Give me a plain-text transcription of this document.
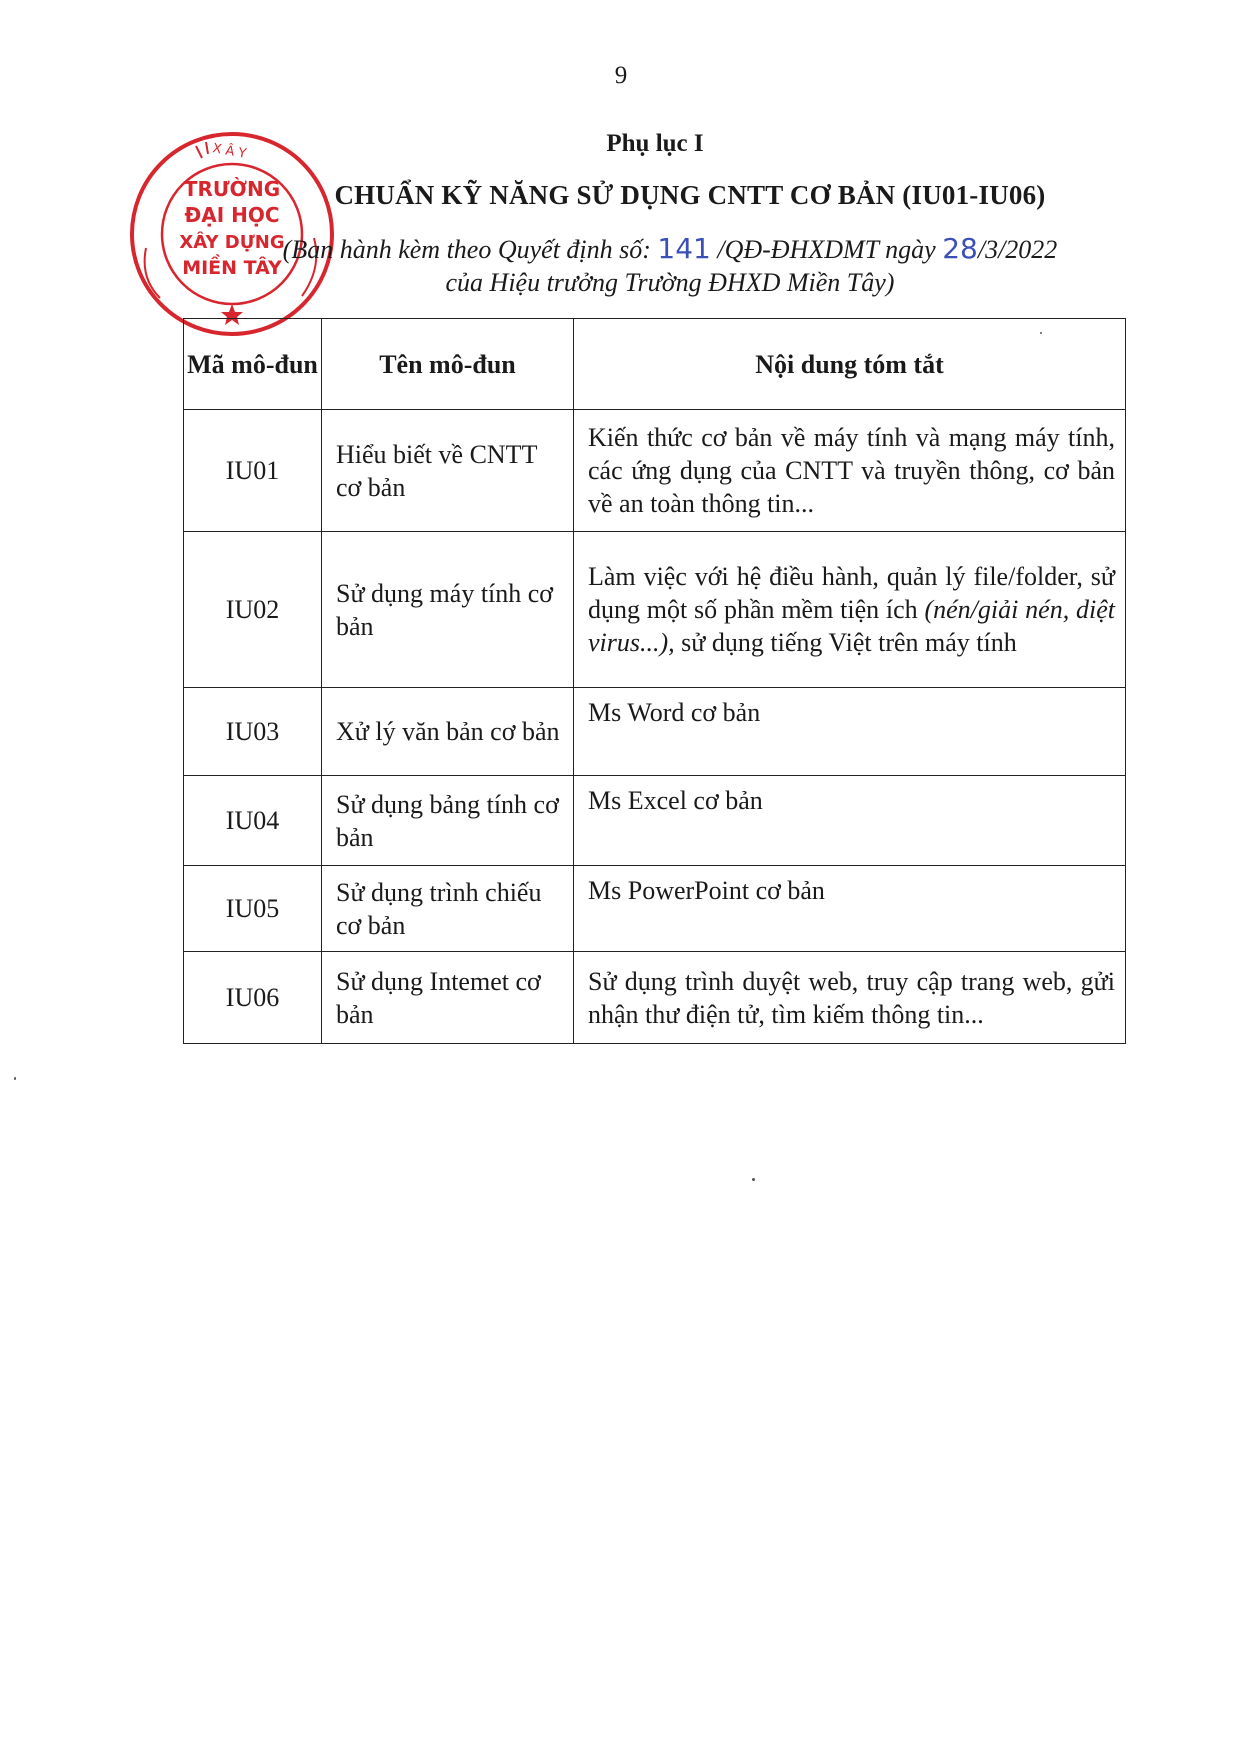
9
X Â Y
TRƯỜNG
ĐẠI HỌC
XÂY DỰNG
MIỀN TÂY
Phụ lục I
CHUẨN KỸ NĂNG SỬ DỤNG CNTT CƠ BẢN (IU01-IU06)
(Ban hành kèm theo Quyết định số: 141 /QĐ-ĐHXDMT ngày 28/3/2022
của Hiệu trưởng Trường ĐHXD Miền Tây)
Mã mô-đun	Tên mô-đun	Nội dung tóm tắt
IU01	Hiểu biết về CNTT cơ bản	Kiến thức cơ bản về máy tính và mạng máy tính, các ứng dụng của CNTT và truyền thông, cơ bản về an toàn thông tin...
IU02	Sử dụng máy tính cơ bản	Làm việc với hệ điều hành, quản lý file/folder, sử dụng một số phần mềm tiện ích (nén/giải nén, diệt virus...), sử dụng tiếng Việt trên máy tính
IU03	Xử lý văn bản cơ bản	Ms Word cơ bản
IU04	Sử dụng bảng tính cơ bản	Ms Excel cơ bản
IU05	Sử dụng trình chiếu cơ bản	Ms PowerPoint cơ bản
IU06	Sử dụng Intemet cơ bản	Sử dụng trình duyệt web, truy cập trang web, gửi nhận thư điện tử, tìm kiếm thông tin...
